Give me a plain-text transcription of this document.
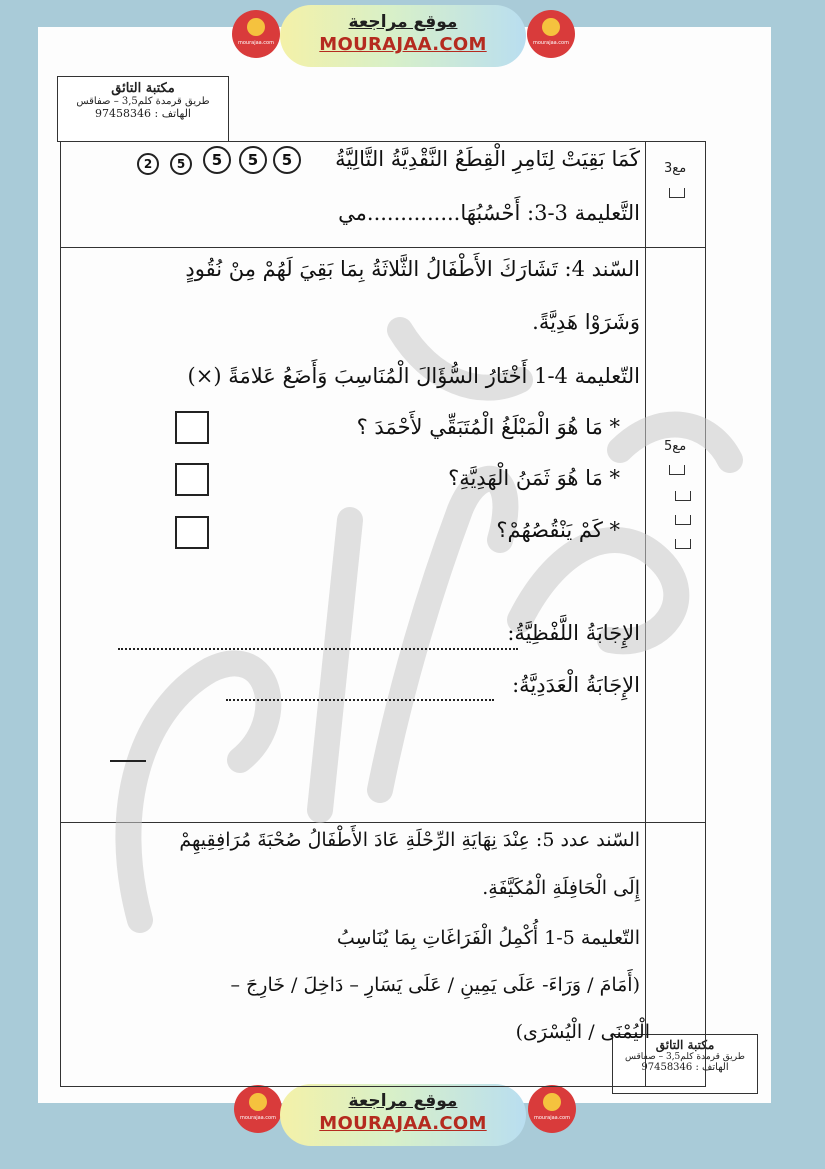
mourajaa.com
موقع مراجعة
MOURAJAA.COM	mourajaa.com
mourajaa.com
موقع مراجعة
MOURAJAA.COM	mourajaa.com
مكتبة التائق
طريق قرمدة كلم3,5 – صفاقس
الهاتف : 97458346
مكتبة التائق
طريق قرمدة كلم3,5 – صفاقس
الهاتف : 97458346
مع3
مع5
كَمَا بَقِيَتْ لِتَامِرِ الْقِطَعُ النَّقْدِيَّةُ التَّالِيَّةُ
5
5
5
5
2
التَّعليمة 3-3: أَحْسُبُهَا..............مي
السّند 4: تَشَارَكَ الأَطْفَالُ الثَّلاثَةُ بِمَا بَقِيَ لَهُمْ مِنْ نُقُودٍ
وَشَرَوْا هَدِيَّةً.
التّعليمة 4-1 أَخْتَارُ السُّؤَالَ الْمُنَاسِبَ وَأَضَعُ عَلامَةً (×)
* مَا هُوَ الْمَبْلَغُ الْمُتَبَقِّي لأَحْمَدَ ؟
* مَا هُوَ ثَمَنُ الْهَدِيَّةِ؟
* كَمْ يَنْقُصُهُمْ؟
الإِجَابَةُ اللَّفْظِيَّةُ:
الإِجَابَةُ الْعَدَدِيَّةُ:
السّند عدد 5: عِنْدَ نِهَايَةِ الرِّحْلَةِ عَادَ الأَطْفَالُ صُحْبَةَ مُرَافِقِيهِمْ
إِلَى الْحَافِلَةِ الْمُكَيَّفَةِ.
التّعليمة 5-1 أُكْمِلُ الْفَرَاغَاتِ بِمَا يُنَاسِبُ
(أَمَامَ / وَرَاءَ- عَلَى يَمِينِ / عَلَى يَسَارِ – دَاخِلَ / خَارِجَ –
الْيُمْنَى / الْيُسْرَى)
